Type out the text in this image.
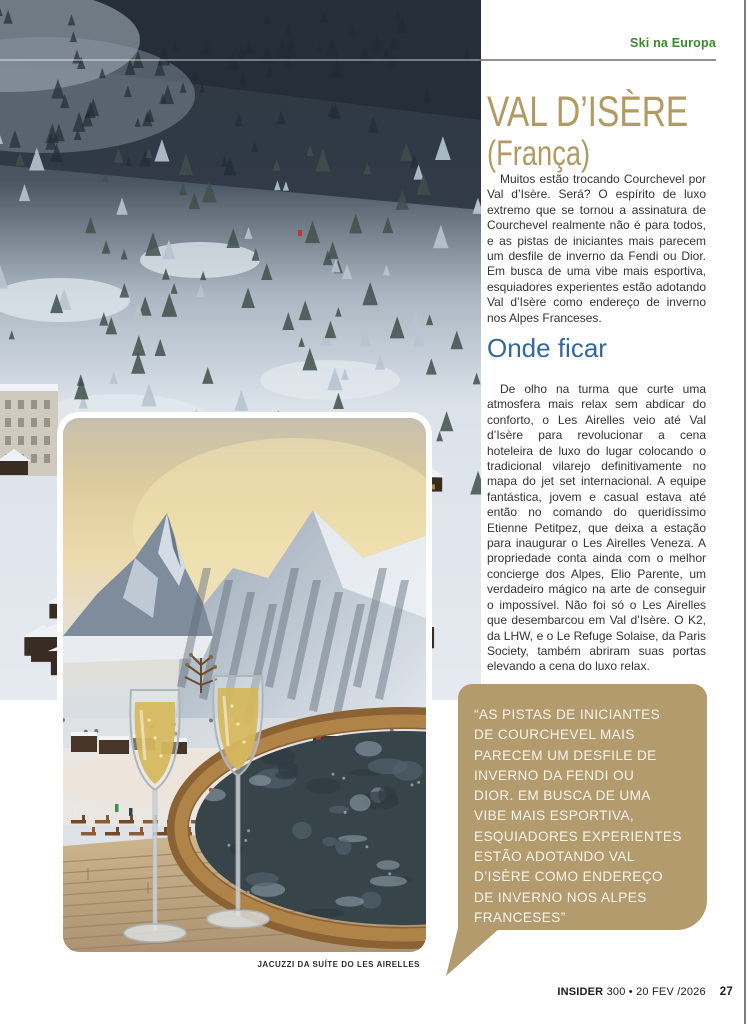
Ski na Europa
VAL D’ISÈRE
(França)

Muitos estão trocando Courchevel por Val d’Isère. Será? O espírito de luxo extremo que se tornou a assinatura de Courchevel realmente não é para todos, e as pistas de iniciantes mais parecem um desfile de inverno da Fendi ou Dior. Em busca de uma vibe mais esportiva, esquiadores experientes estão adotando Val d’Isère como endereço de inverno nos Alpes Franceses.

Onde ficar

De olho na turma que curte uma atmosfera mais relax sem abdicar do conforto, o Les Airelles veio até Val d’Isère para revolucionar a cena hoteleira de luxo do lugar colocando o tradicional vilarejo definitivamente no mapa do jet set internacional. A equipe fantástica, jovem e casual estava até então no comando do queridíssimo Etienne Petitpez, que deixa a estação para inaugurar o Les Airelles Veneza. A propriedade conta ainda com o melhor concierge dos Alpes, Elio Parente, um verdadeiro mágico na arte de conseguir o impossível. Não foi só o Les Airelles que desembarcou em Val d’Isère. O K2, da LHW, e o Le Refuge Solaise, da Paris Society, também abriram suas portas elevando a cena do luxo relax.

JACUZZI DA SUÍTE DO LES AIRELLES
“AS PISTAS DE INICIANTES
DE COURCHEVEL MAIS
PARECEM UM DESFILE DE
INVERNO DA FENDI OU
DIOR. EM BUSCA DE UMA
VIBE MAIS ESPORTIVA,
ESQUIADORES EXPERIENTES
ESTÃO ADOTANDO VAL
D’ISÈRE COMO ENDEREÇO
DE INVERNO NOS ALPES
FRANCESES”
INSIDER 300 • 20 FEV /2026 27
